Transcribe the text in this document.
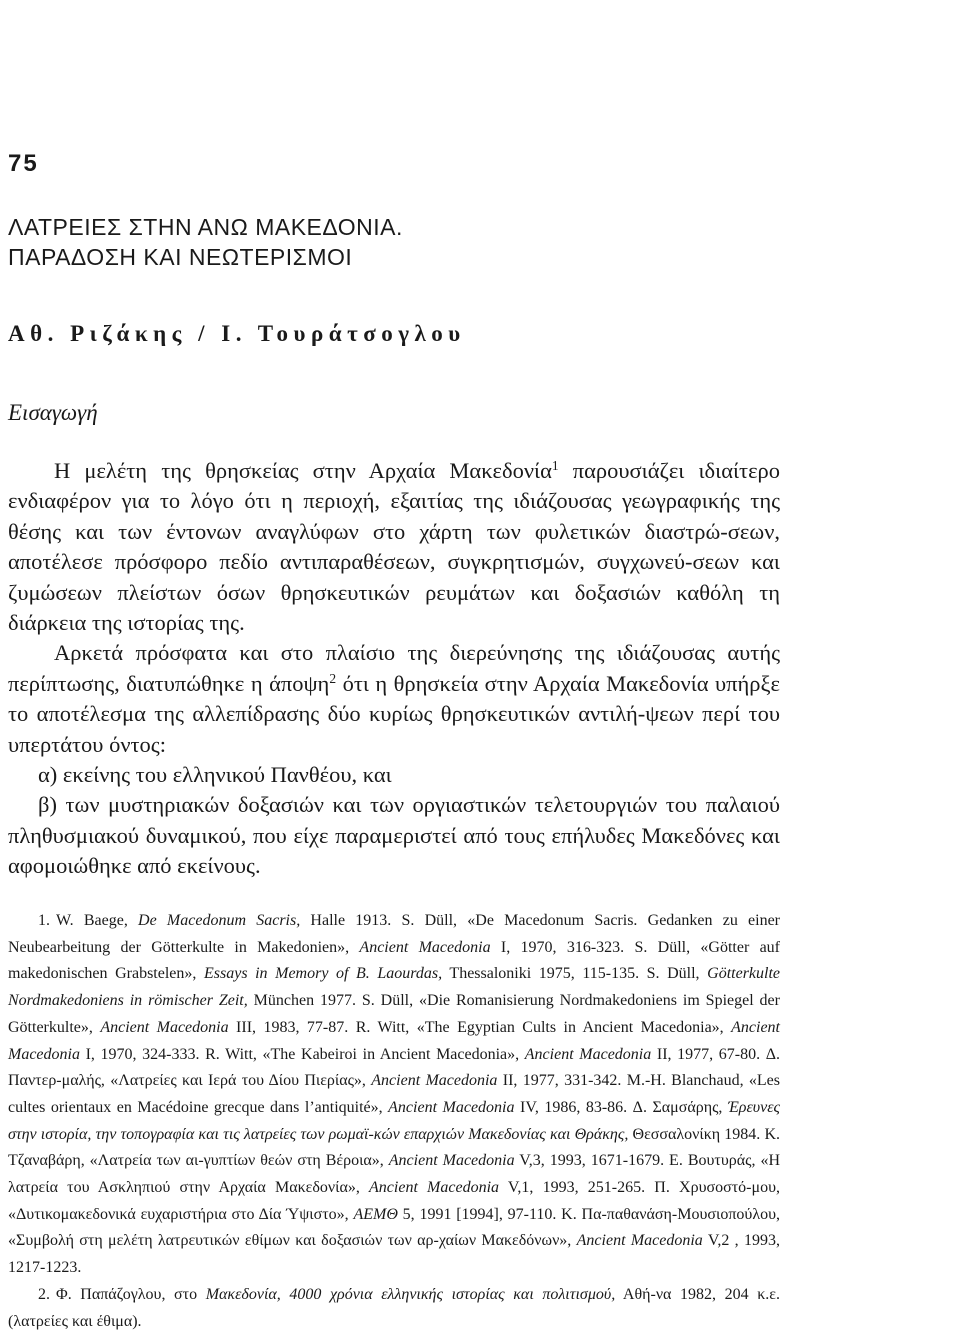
75
ΛΑΤΡΕΙΕΣ ΣΤΗΝ ΑΝΩ ΜΑΚΕΔΟΝΙΑ.
ΠΑΡΑΔΟΣΗ ΚΑΙ ΝΕΩΤΕΡΙΣΜΟΙ
Αθ. Ριζάκης / Ι. Τουράτσογλου
Εισαγωγή

Η μελέτη της θρησκείας στην Αρχαία Μακεδονία$^1$ παρουσιάζει ιδιαίτερο ενδιαφέρον για το λόγο ότι η περιοχή, εξαιτίας της ιδιάζουσας γεωγραφικής της θέσης και των έντονων αναγλύφων στο χάρτη των φυλετικών διαστρώ-σεων, αποτέλεσε πρόσφορο πεδίο αντιπαραθέσεων, συγκρητισμών, συγχωνεύ-σεων και ζυμώσεων πλείστων όσων θρησκευτικών ρευμάτων και δοξασιών καθόλη τη διάρκεια της ιστορίας της.

Αρκετά πρόσφατα και στο πλαίσιο της διερεύνησης της ιδιάζουσας αυτής περίπτωσης, διατυπώθηκε η άποψη$^2$ ότι η θρησκεία στην Αρχαία Μακεδονία υπήρξε το αποτέλεσμα της αλλεπίδρασης δύο κυρίως θρησκευτικών αντιλή-ψεων περί του υπερτάτου όντος:

α) εκείνης του ελληνικού Πανθέου, και

β) των μυστηριακών δοξασιών και των οργιαστικών τελετουργιών του παλαιού πληθυσμιακού δυναμικού, που είχε παραμεριστεί από τους επήλυδες Μακεδόνες και αφομοιώθηκε από εκείνους.

1. W. Baege, De Macedonum Sacris, Halle 1913. S. Düll, «De Macedonum Sacris. Gedanken zu einer Neubearbeitung der Götterkulte in Makedonien», Ancient Macedonia I, 1970, 316-323. S. Düll, «Götter auf makedonischen Grabstelen», Essays in Memory of B. Laourdas, Thessaloniki 1975, 115-135. S. Düll, Götterkulte Nordmakedoniens in römischer Zeit, München 1977. S. Düll, «Die Romanisierung Nordmakedoniens im Spiegel der Götterkulte», Ancient Macedonia III, 1983, 77-87. R. Witt, «The Egyptian Cults in Ancient Macedonia», Ancient Macedonia I, 1970, 324-333. R. Witt, «The Kabeiroi in Ancient Macedonia», Ancient Macedonia II, 1977, 67-80. Δ. Παντερ-μαλής, «Λατρείες και Ιερά του Δίου Πιερίας», Ancient Macedonia II, 1977, 331-342. M.-H. Blanchaud, «Les cultes orientaux en Macédoine grecque dans l’antiquité», Ancient Macedonia IV, 1986, 83-86. Δ. Σαμσάρης, Έρευνες στην ιστορία, την τοπογραφία και τις λατρείες των ρωμαϊ-κών επαρχιών Μακεδονίας και Θράκης, Θεσσαλονίκη 1984. Κ. Τζαναβάρη, «Λατρεία των αι-γυπτίων θεών στη Βέροια», Ancient Macedonia V,3, 1993, 1671-1679. Ε. Βουτυράς, «Η λατρεία του Ασκληπιού στην Αρχαία Μακεδονία», Ancient Macedonia V,1, 1993, 251-265. Π. Χρυσοστό-μου, «Δυτικομακεδονικά ευχαριστήρια στο Δία Ύψιστο», ΑΕΜΘ 5, 1991 [1994], 97-110. Κ. Πα-παθανάση-Μουσιοπούλου, «Συμβολή στη μελέτη λατρευτικών εθίμων και δοξασιών των αρ-χαίων Μακεδόνων», Ancient Macedonia V,2 , 1993, 1217-1223.

2. Φ. Παπάζογλου, στο Μακεδονία, 4000 χρόνια ελληνικής ιστορίας και πολιτισμού, Αθή-να 1982, 204 κ.ε. (λατρείες και έθιμα).
